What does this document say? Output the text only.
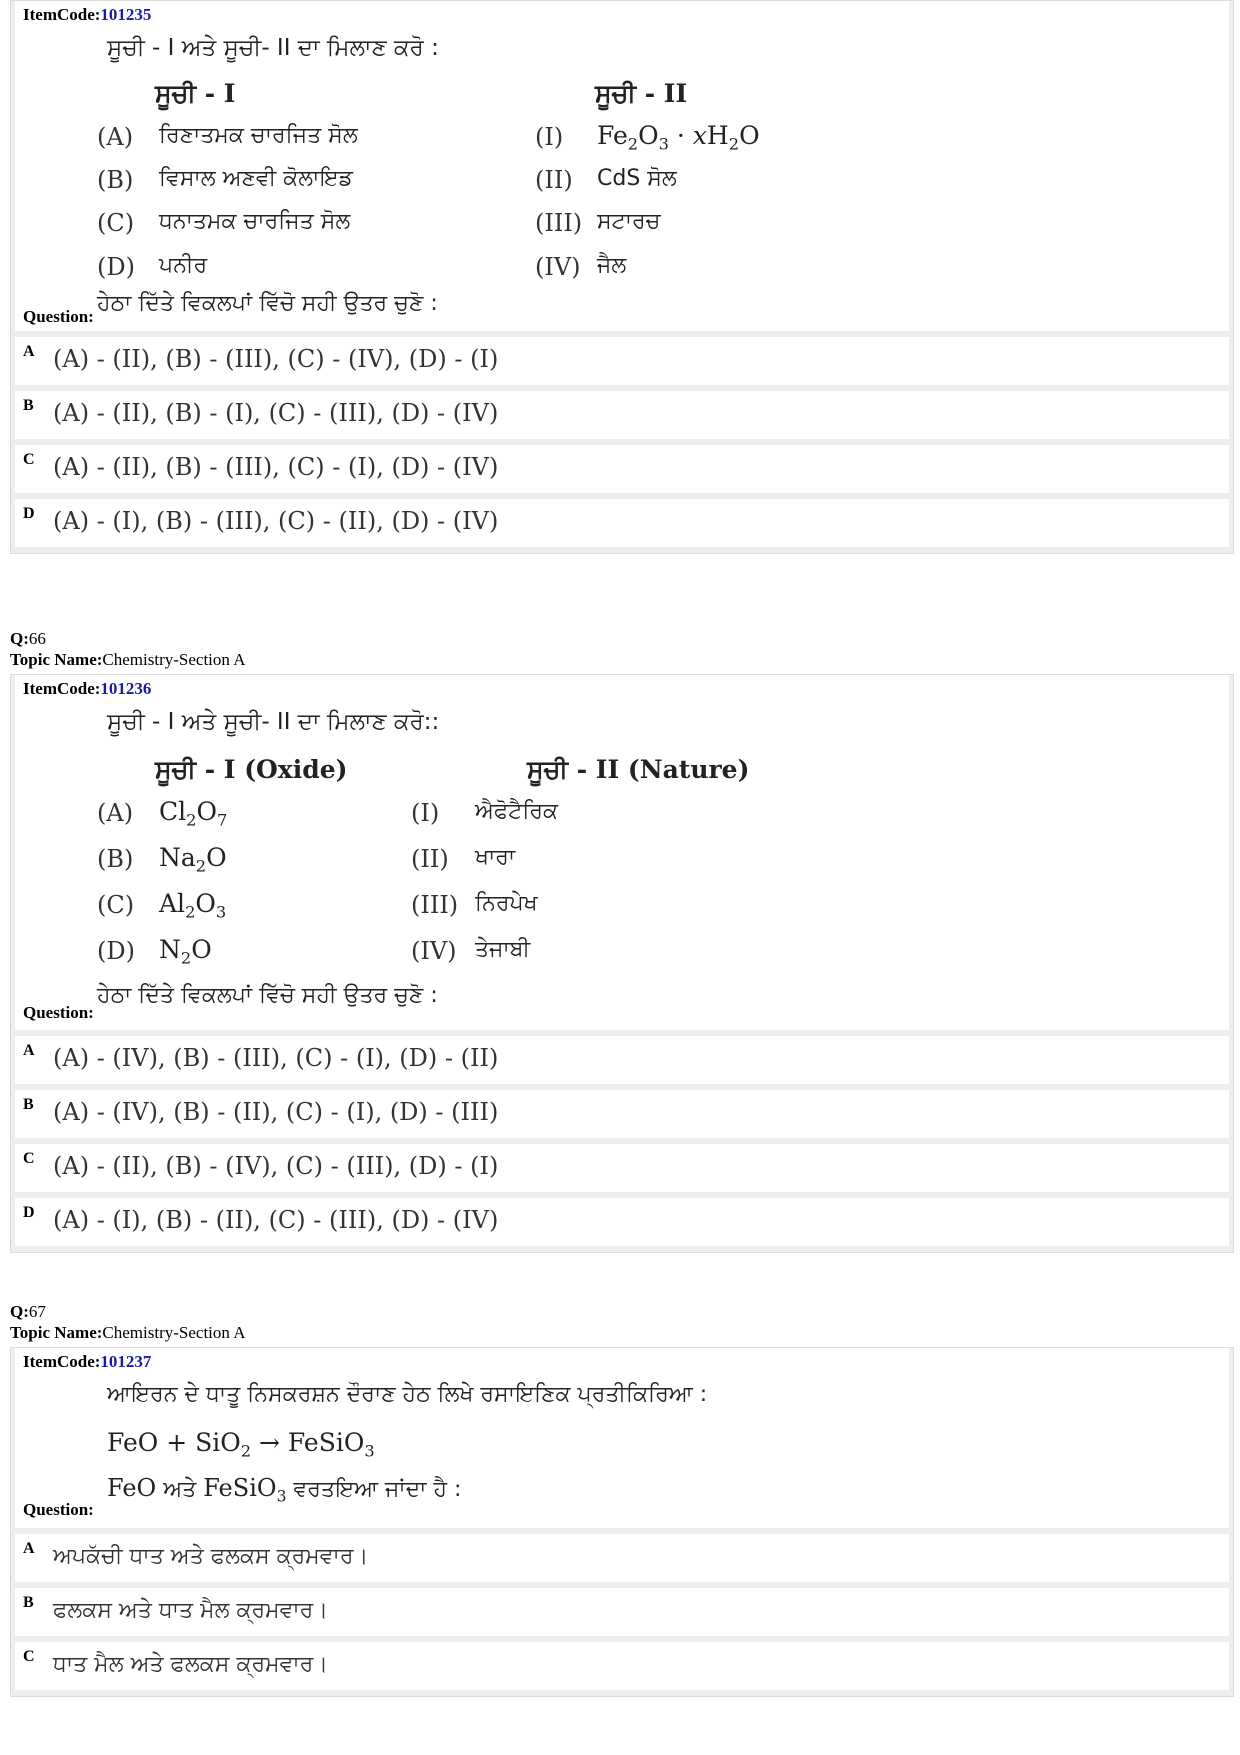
ItemCode:101235
ਸੂਚੀ - I ਅਤੇ ਸੂਚੀ- II ਦਾ ਮਿਲਾਣ ਕਰੋ :
ਸੂਚੀ - I	ਸੂਚੀ - II
(A) ਰਿਣਾਤਮਕ ਚਾਰਜਿਤ ਸੋਲ
(B) ਵਿਸਾਲ ਅਣਵੀ ਕੋਲਾਇਡ
(C) ਧਨਾਤਮਕ ਚਾਰਜਿਤ ਸੋਲ
(D) ਪਨੀਰ
(I) $Fe_2O_3 \cdot xH_2O$
(II) CdS ਸੋਲ
(III) ਸਟਾਰਚ
(IV) ਜੈਲ
Question:
ਹੇਠਾ ਦਿੱਤੇ ਵਿਕਲਪਾਂ ਵਿੱਚੋ ਸਹੀ ਉਤਰ ਚੁਣੋ :
A (A) - (II), (B) - (III), (C) - (IV), (D) - (I)
B (A) - (II), (B) - (I), (C) - (III), (D) - (IV)
C (A) - (II), (B) - (III), (C) - (I), (D) - (IV)
D (A) - (I), (B) - (III), (C) - (II), (D) - (IV)
Q:66
Topic Name:Chemistry-Section A
ItemCode:101236
ਸੂਚੀ - I ਅਤੇ ਸੂਚੀ- II ਦਾ ਮਿਲਾਣ ਕਰੋ::
ਸੂਚੀ - I (Oxide)	ਸੂਚੀ - II (Nature)
(A) $Cl_2O_7$
(B) $Na_2O$
(C) $Al_2O_3$
(D) $N_2O$
(I) ਐਫੋਟੈਰਿਕ
(II) ਖਾਰਾ
(III) ਨਿਰਪੇਖ
(IV) ਤੇਜਾਬੀ
Question:
ਹੇਠਾ ਦਿੱਤੇ ਵਿਕਲਪਾਂ ਵਿੱਚੋ ਸਹੀ ਉਤਰ ਚੁਣੋ :
A (A) - (IV), (B) - (III), (C) - (I), (D) - (II)
B (A) - (IV), (B) - (II), (C) - (I), (D) - (III)
C (A) - (II), (B) - (IV), (C) - (III), (D) - (I)
D (A) - (I), (B) - (II), (C) - (III), (D) - (IV)
Q:67
Topic Name:Chemistry-Section A
ItemCode:101237
ਆਇਰਨ ਦੇ ਧਾਤੂ ਨਿਸਕਰਸ਼ਨ ਦੌਰਾਣ ਹੇਠ ਲਿਖੇ ਰਸਾਇਣਿਕ ਪ੍ਰਤੀਕਿਰਿਆ :
FeO + SiO$_2$ → FeSiO$_3$
Question:
FeO ਅਤੇ FeSiO$_3$ ਵਰਤਇਆ ਜਾਂਦਾ ਹੈ :
A ਅਪਕੱਚੀ ਧਾਤ ਅਤੇ ਫਲਕਸ ਕ੍ਰਮਵਾਰ।
B ਫਲਕਸ ਅਤੇ ਧਾਤ ਮੈਲ ਕ੍ਰਮਵਾਰ।
C ਧਾਤ ਮੈਲ ਅਤੇ ਫਲਕਸ ਕ੍ਰਮਵਾਰ।
